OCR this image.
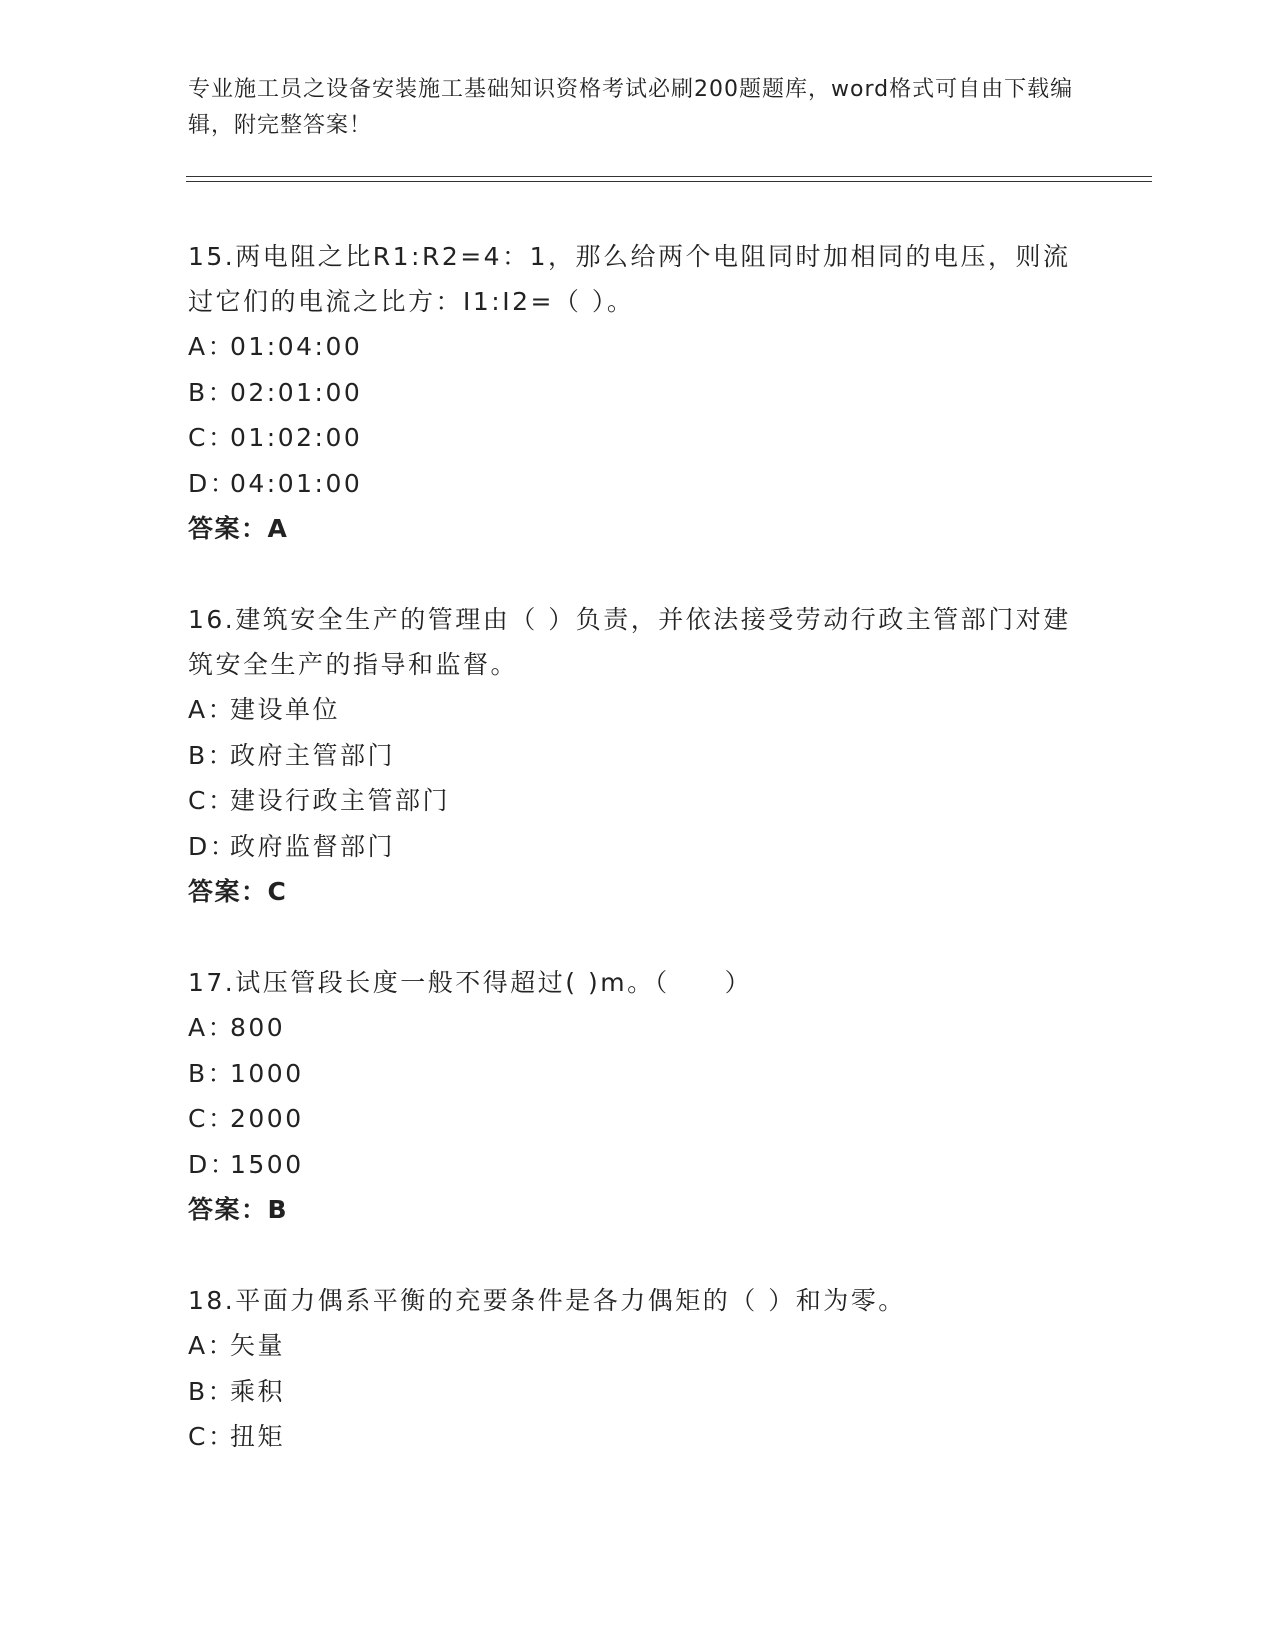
专业施工员之设备安装施工基础知识资格考试必刷200题题库，word格式可自由下载编辑，附完整答案！

15.两电阻之比R1:R2=4：1，那么给两个电阻同时加相同的电压，则流过它们的电流之比方：I1:I2=（ ）。

A：01:04:00
B：02:01:00
C：01:02:00
D：04:01:00
答案：A

16.建筑安全生产的管理由（ ）负责，并依法接受劳动行政主管部门对建筑安全生产的指导和监督。

A：建设单位
B：政府主管部门
C：建设行政主管部门
D：政府监督部门
答案：C

17.试压管段长度一般不得超过( )m。（　　）

A：800
B：1000
C：2000
D：1500
答案：B

18.平面力偶系平衡的充要条件是各力偶矩的（ ）和为零。

A：矢量
B：乘积
C：扭矩
